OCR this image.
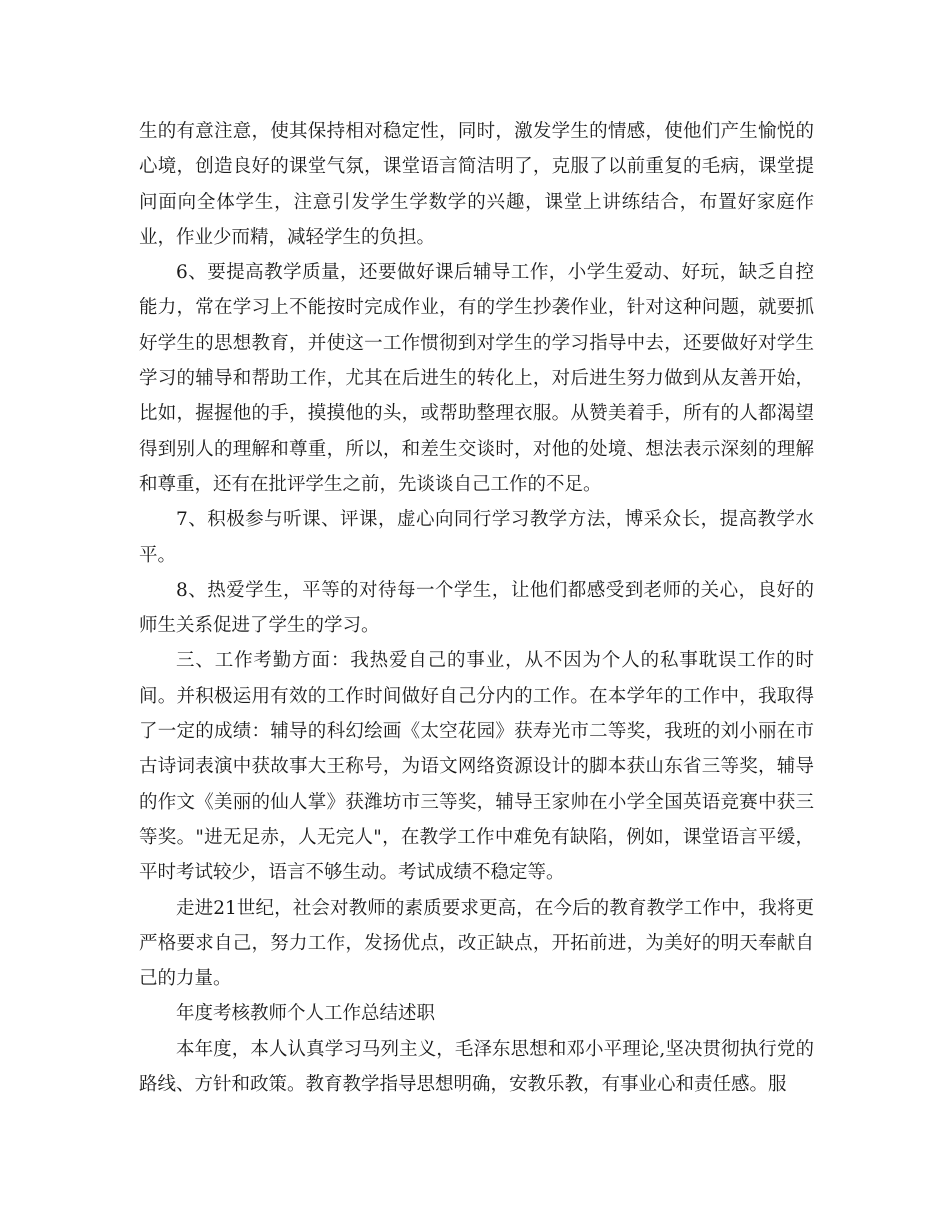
生的有意注意，使其保持相对稳定性，同时，激发学生的情感，使他们产生愉悦的心境，创造良好的课堂气氛，课堂语言简洁明了，克服了以前重复的毛病，课堂提问面向全体学生，注意引发学生学数学的兴趣，课堂上讲练结合，布置好家庭作业，作业少而精，减轻学生的负担。

6、要提高教学质量，还要做好课后辅导工作，小学生爱动、好玩，缺乏自控能力，常在学习上不能按时完成作业，有的学生抄袭作业，针对这种问题，就要抓好学生的思想教育，并使这一工作惯彻到对学生的学习指导中去，还要做好对学生学习的辅导和帮助工作，尤其在后进生的转化上，对后进生努力做到从友善开始，比如，握握他的手，摸摸他的头，或帮助整理衣服。从赞美着手，所有的人都渴望得到别人的理解和尊重，所以，和差生交谈时，对他的处境、想法表示深刻的理解和尊重，还有在批评学生之前，先谈谈自己工作的不足。

7、积极参与听课、评课，虚心向同行学习教学方法，博采众长，提高教学水平。

8、热爱学生，平等的对待每一个学生，让他们都感受到老师的关心，良好的师生关系促进了学生的学习。

三、工作考勤方面：我热爱自己的事业，从不因为个人的私事耽误工作的时间。并积极运用有效的工作时间做好自己分内的工作。在本学年的工作中，我取得了一定的成绩：辅导的科幻绘画《太空花园》获寿光市二等奖，我班的刘小丽在市古诗词表演中获故事大王称号，为语文网络资源设计的脚本获山东省三等奖，辅导的作文《美丽的仙人掌》获潍坊市三等奖，辅导王家帅在小学全国英语竞赛中获三等奖。"进无足赤，人无完人"，在教学工作中难免有缺陷，例如，课堂语言平缓，平时考试较少，语言不够生动。考试成绩不稳定等。

走进21世纪，社会对教师的素质要求更高，在今后的教育教学工作中，我将更严格要求自己，努力工作，发扬优点，改正缺点，开拓前进，为美好的明天奉献自己的力量。

年度考核教师个人工作总结述职

本年度，本人认真学习马列主义，毛泽东思想和邓小平理论,坚决贯彻执行党的路线、方针和政策。教育教学指导思想明确，安教乐教，有事业心和责任感。服
